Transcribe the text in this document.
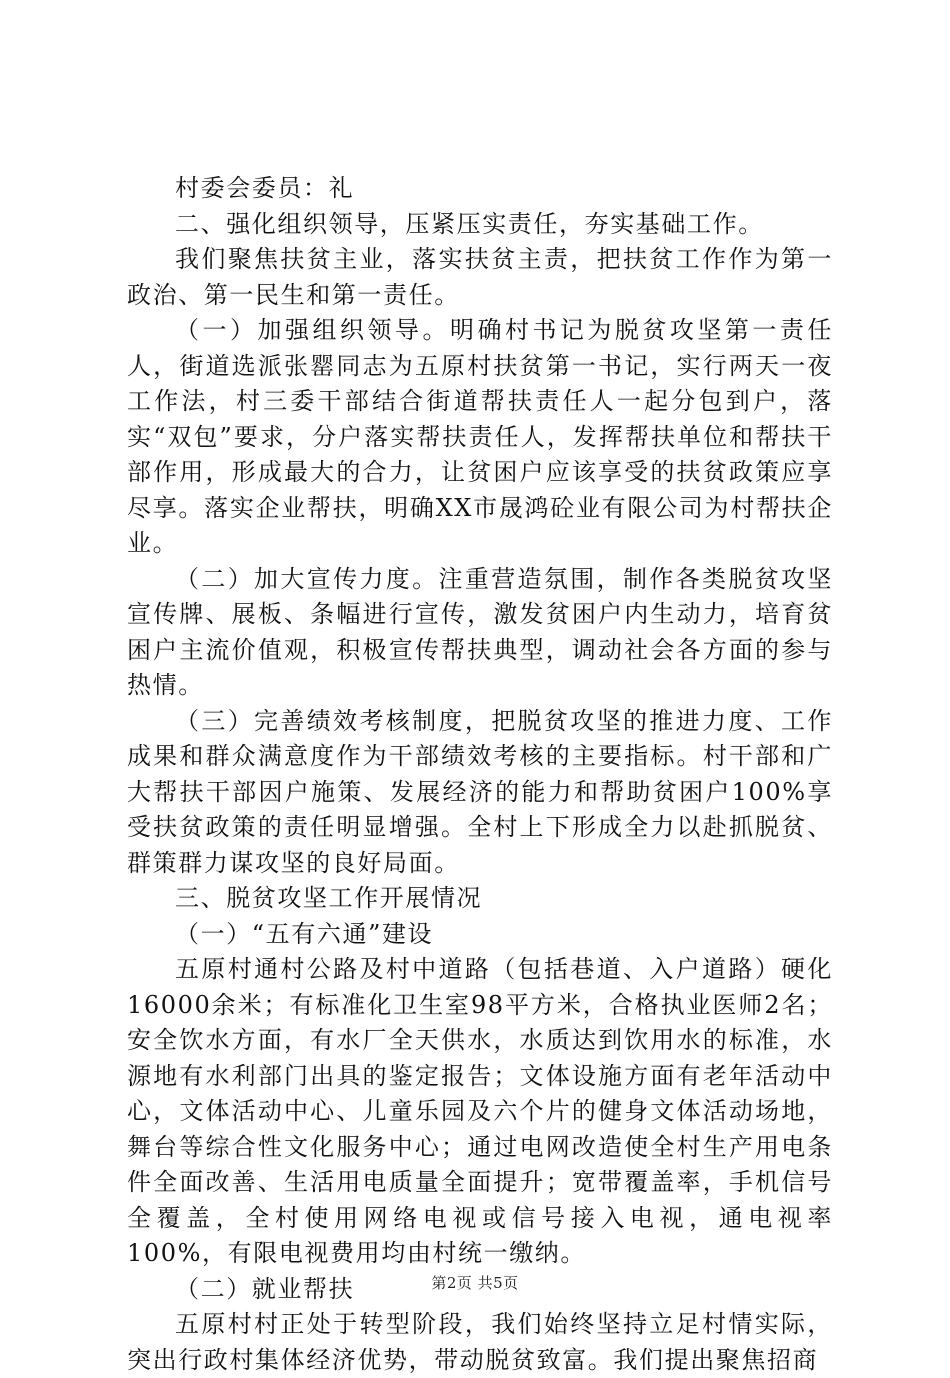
村委会委员：礼

二、强化组织领导，压紧压实责任，夯实基础工作。

我们聚焦扶贫主业，落实扶贫主责，把扶贫工作作为第一政治、第一民生和第一责任。

（一）加强组织领导。明确村书记为脱贫攻坚第一责任人，街道选派张罂同志为五原村扶贫第一书记，实行两天一夜工作法，村三委干部结合街道帮扶责任人一起分包到户，落实“双包”要求，分户落实帮扶责任人，发挥帮扶单位和帮扶干部作用，形成最大的合力，让贫困户应该享受的扶贫政策应享尽享。落实企业帮扶，明确XX市晟鸿砼业有限公司为村帮扶企业。

（二）加大宣传力度。注重营造氛围，制作各类脱贫攻坚宣传牌、展板、条幅进行宣传，激发贫困户内生动力，培育贫困户主流价值观，积极宣传帮扶典型，调动社会各方面的参与热情。

（三）完善绩效考核制度，把脱贫攻坚的推进力度、工作成果和群众满意度作为干部绩效考核的主要指标。村干部和广大帮扶干部因户施策、发展经济的能力和帮助贫困户100%享受扶贫政策的责任明显增强。全村上下形成全力以赴抓脱贫、群策群力谋攻坚的良好局面。

三、脱贫攻坚工作开展情况

（一）“五有六通”建设

五原村通村公路及村中道路（包括巷道、入户道路）硬化16000余米；有标准化卫生室98平方米，合格执业医师2名；安全饮水方面，有水厂全天供水，水质达到饮用水的标准，水源地有水利部门出具的鉴定报告；文体设施方面有老年活动中心，文体活动中心、儿童乐园及六个片的健身文体活动场地，舞台等综合性文化服务中心；通过电网改造使全村生产用电条件全面改善、生活用电质量全面提升；宽带覆盖率，手机信号全覆盖，全村使用网络电视或信号接入电视，通电视率100%，有限电视费用均由村统一缴纳。

（二）就业帮扶

五原村村正处于转型阶段，我们始终坚持立足村情实际，突出行政村集体经济优势，带动脱贫致富。我们提出聚焦招商

第2页 共5页
